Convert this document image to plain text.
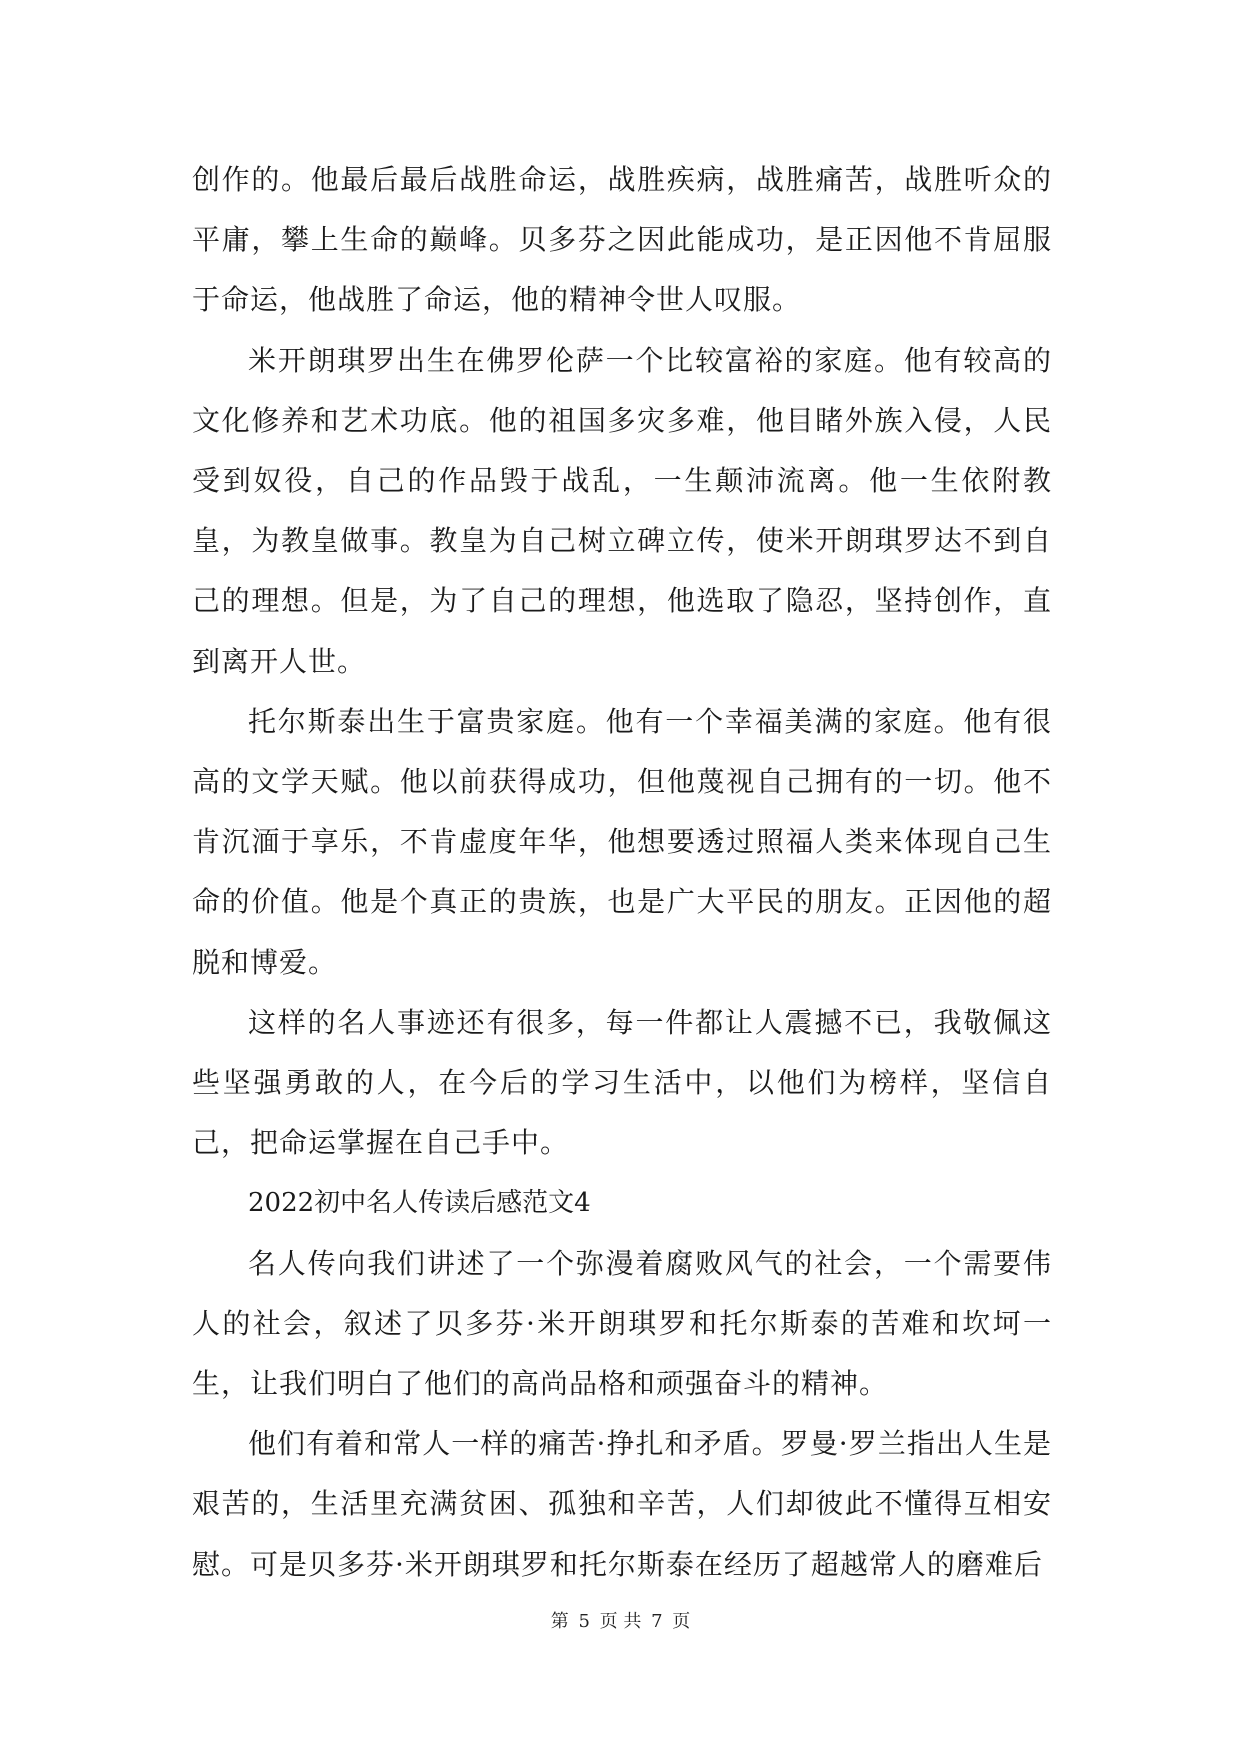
创作的。他最后最后战胜命运，战胜疾病，战胜痛苦，战胜听众的平庸，攀上生命的巅峰。贝多芬之因此能成功，是正因他不肯屈服于命运，他战胜了命运，他的精神令世人叹服。

米开朗琪罗出生在佛罗伦萨一个比较富裕的家庭。他有较高的文化修养和艺术功底。他的祖国多灾多难，他目睹外族入侵，人民受到奴役，自己的作品毁于战乱，一生颠沛流离。他一生依附教皇，为教皇做事。教皇为自己树立碑立传，使米开朗琪罗达不到自己的理想。但是，为了自己的理想，他选取了隐忍，坚持创作，直到离开人世。

托尔斯泰出生于富贵家庭。他有一个幸福美满的家庭。他有很高的文学天赋。他以前获得成功，但他蔑视自己拥有的一切。他不肯沉湎于享乐，不肯虚度年华，他想要透过照福人类来体现自己生命的价值。他是个真正的贵族，也是广大平民的朋友。正因他的超脱和博爱。

这样的名人事迹还有很多，每一件都让人震撼不已，我敬佩这些坚强勇敢的人，在今后的学习生活中，以他们为榜样，坚信自己，把命运掌握在自己手中。

2022初中名人传读后感范文4

名人传向我们讲述了一个弥漫着腐败风气的社会，一个需要伟人的社会，叙述了贝多芬·米开朗琪罗和托尔斯泰的苦难和坎坷一生，让我们明白了他们的高尚品格和顽强奋斗的精神。

他们有着和常人一样的痛苦·挣扎和矛盾。罗曼·罗兰指出人生是艰苦的，生活里充满贫困、孤独和辛苦，人们却彼此不懂得互相安慰。可是贝多芬·米开朗琪罗和托尔斯泰在经历了超越常人的磨难后

第 5 页 共 7 页
